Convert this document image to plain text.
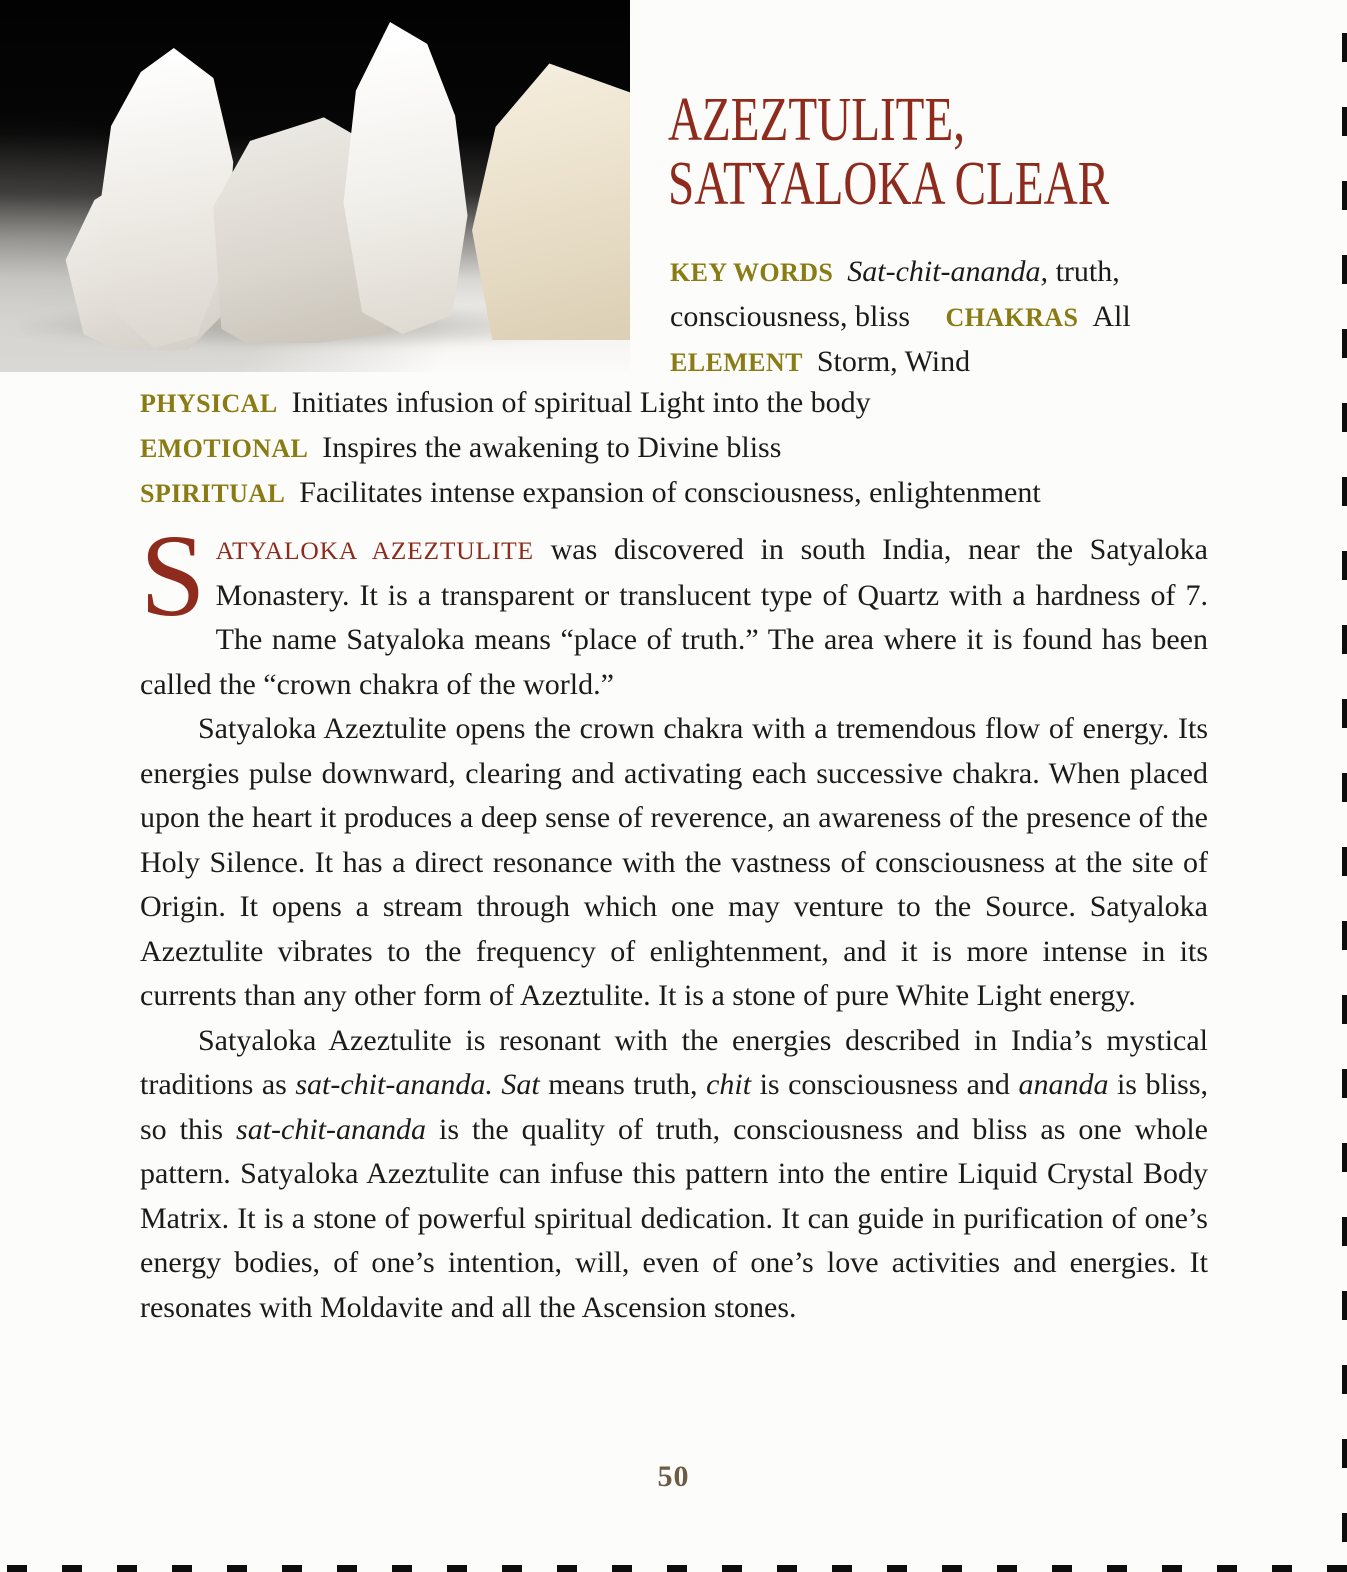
AZEZTULITE,
SATYALOKA CLEAR
KEY WORDS Sat-chit-ananda, truth, consciousness, bliss CHAKRAS All
ELEMENT Storm, Wind
PHYSICAL Initiates infusion of spiritual Light into the body
EMOTIONAL Inspires the awakening to Divine bliss
SPIRITUAL Facilitates intense expansion of consciousness, enlightenment

SATYALOKA AZEZTULITE was discovered in south India, near the Satyaloka Monastery. It is a transparent or translucent type of Quartz with a hardness of 7. The name Satyaloka means “place of truth.” The area where it is found has been called the “crown chakra of the world.”

Satyaloka Azeztulite opens the crown chakra with a tremendous flow of energy. Its energies pulse downward, clearing and activating each successive chakra. When placed upon the heart it produces a deep sense of reverence, an awareness of the presence of the Holy Silence. It has a direct resonance with the vastness of consciousness at the site of Origin. It opens a stream through which one may venture to the Source. Satyaloka Azeztulite vibrates to the frequency of enlightenment, and it is more intense in its currents than any other form of Azeztulite. It is a stone of pure White Light energy.

Satyaloka Azeztulite is resonant with the energies described in India’s mystical traditions as sat-chit-ananda. Sat means truth, chit is consciousness and ananda is bliss, so this sat-chit-ananda is the quality of truth, consciousness and bliss as one whole pattern. Satyaloka Azeztulite can infuse this pattern into the entire Liquid Crystal Body Matrix. It is a stone of powerful spiritual dedication. It can guide in purification of one’s energy bodies, of one’s intention, will, even of one’s love activities and energies. It resonates with Moldavite and all the Ascension stones.

50
